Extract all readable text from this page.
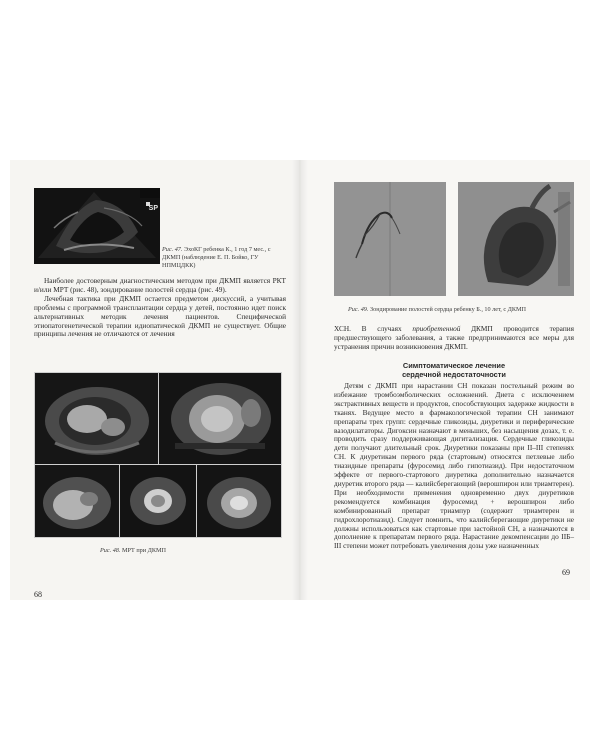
SP
Рис. 47. ЭхоКГ ребенка К., 1 год 7 мес., с ДКМП (наблюдение Е. П. Бойко, ГУ НПМЦДКК)

Наиболее достоверным диагностическим методом при ДКМП является РКТ и/или МРТ (рис. 48), зондирование полостей сердца (рис. 49).

Лечебная тактика при ДКМП остается предметом дискуссий, а учитывая проблемы с программой трансплантации сердца у детей, постоянно идет поиск альтернативных методик лечения пациентов. Специфической этиопатогенетической терапии идиопатической ДКМП не существует. Общие принципы лечения не отличаются от лечения

Рис. 48. МРТ при ДКМП
68
Рис. 49. Зондирование полостей сердца ребенку Б., 10 лет, с ДКМП

ХСН. В случаях приобретенной ДКМП проводится терапия предшествующего заболевания, а также предпринимаются все меры для устранения причин возникновения ДКМП.

Симптоматическое лечение
сердечной недостаточности

Детям с ДКМП при нарастании СН показан постельный режим во избежание тромбоэмболических осложнений. Диета с исключением экстрактивных веществ и продуктов, способствующих задержке жидкости в тканях. Ведущее место в фармакологической терапии СН занимают препараты трех групп: сердечные гликозиды, диуретики и периферические вазодилататоры. Дигоксин назначают в меньших, без насыщения дозах, т. е. проводить сразу поддерживающая дигитализация. Сердечные гликозиды дети получают длительный срок. Диуретики показаны при II–III степенях СН. К диуретикам первого ряда (стартовым) относятся петлевые либо тиазидные препараты (фуросемид либо гипотиазид). При недостаточном эффекте от первого-стартового диуретика дополнительно назначается диуретик второго ряда — калийсберегающий (верошпирон или триамтерен). При необходимости применения одновременно двух диуретиков рекомендуется комбинация фуросемид + верошпирон либо комбинированный препарат триампур (содержит триамтерен и гидрохлоротиазид). Следует помнить, что калийсберегающие диуретики не должны использоваться как стартовые при застойной СН, а назначаются в дополнение к препаратам первого ряда. Нарастание декомпенсации до IIБ–III степени может потребовать увеличения дозы уже назначенных

69
